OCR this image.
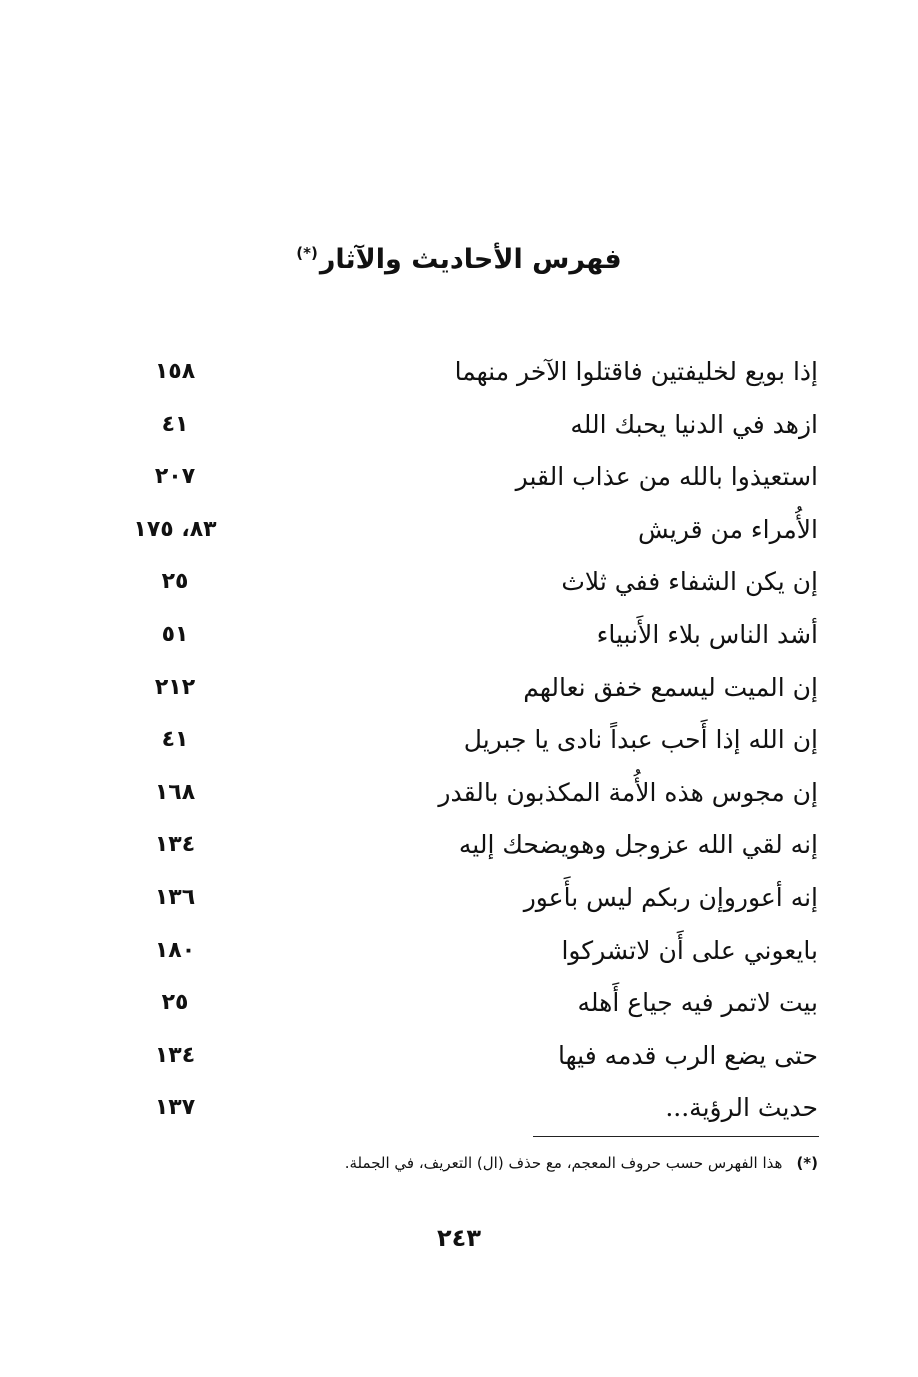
فهرس الأحاديث والآثار(*)
إذا بويع لخليفتين فاقتلوا الآخر منهما
١٥٨
ازهد في الدنيا يحبك الله
٤١
استعيذوا بالله من عذاب القبر
٢٠٧
الأُمراء من قريش
٨٣، ١٧٥
إن يكن الشفاء ففي ثلاث
٢٥
أشد الناس بلاء الأَنبياء
٥١
إن الميت ليسمع خفق نعالهم
٢١٢
إن الله إذا أَحب عبداً نادى يا جبريل
٤١
إن مجوس هذه الأُمة المكذبون بالقدر
١٦٨
إنه لقي الله عزوجل وهويضحك إليه
١٣٤
إنه أعوروإن ربكم ليس بأَعور
١٣٦
بايعوني على أَن لاتشركوا
١٨٠
بيت لاتمر فيه جياع أَهله
٢٥
حتى يضع الرب قدمه فيها
١٣٤
حديث الرؤية...
١٣٧
(*)هذا الفهرس حسب حروف المعجم، مع حذف (ال) التعريف، في الجملة.
٢٤٣
